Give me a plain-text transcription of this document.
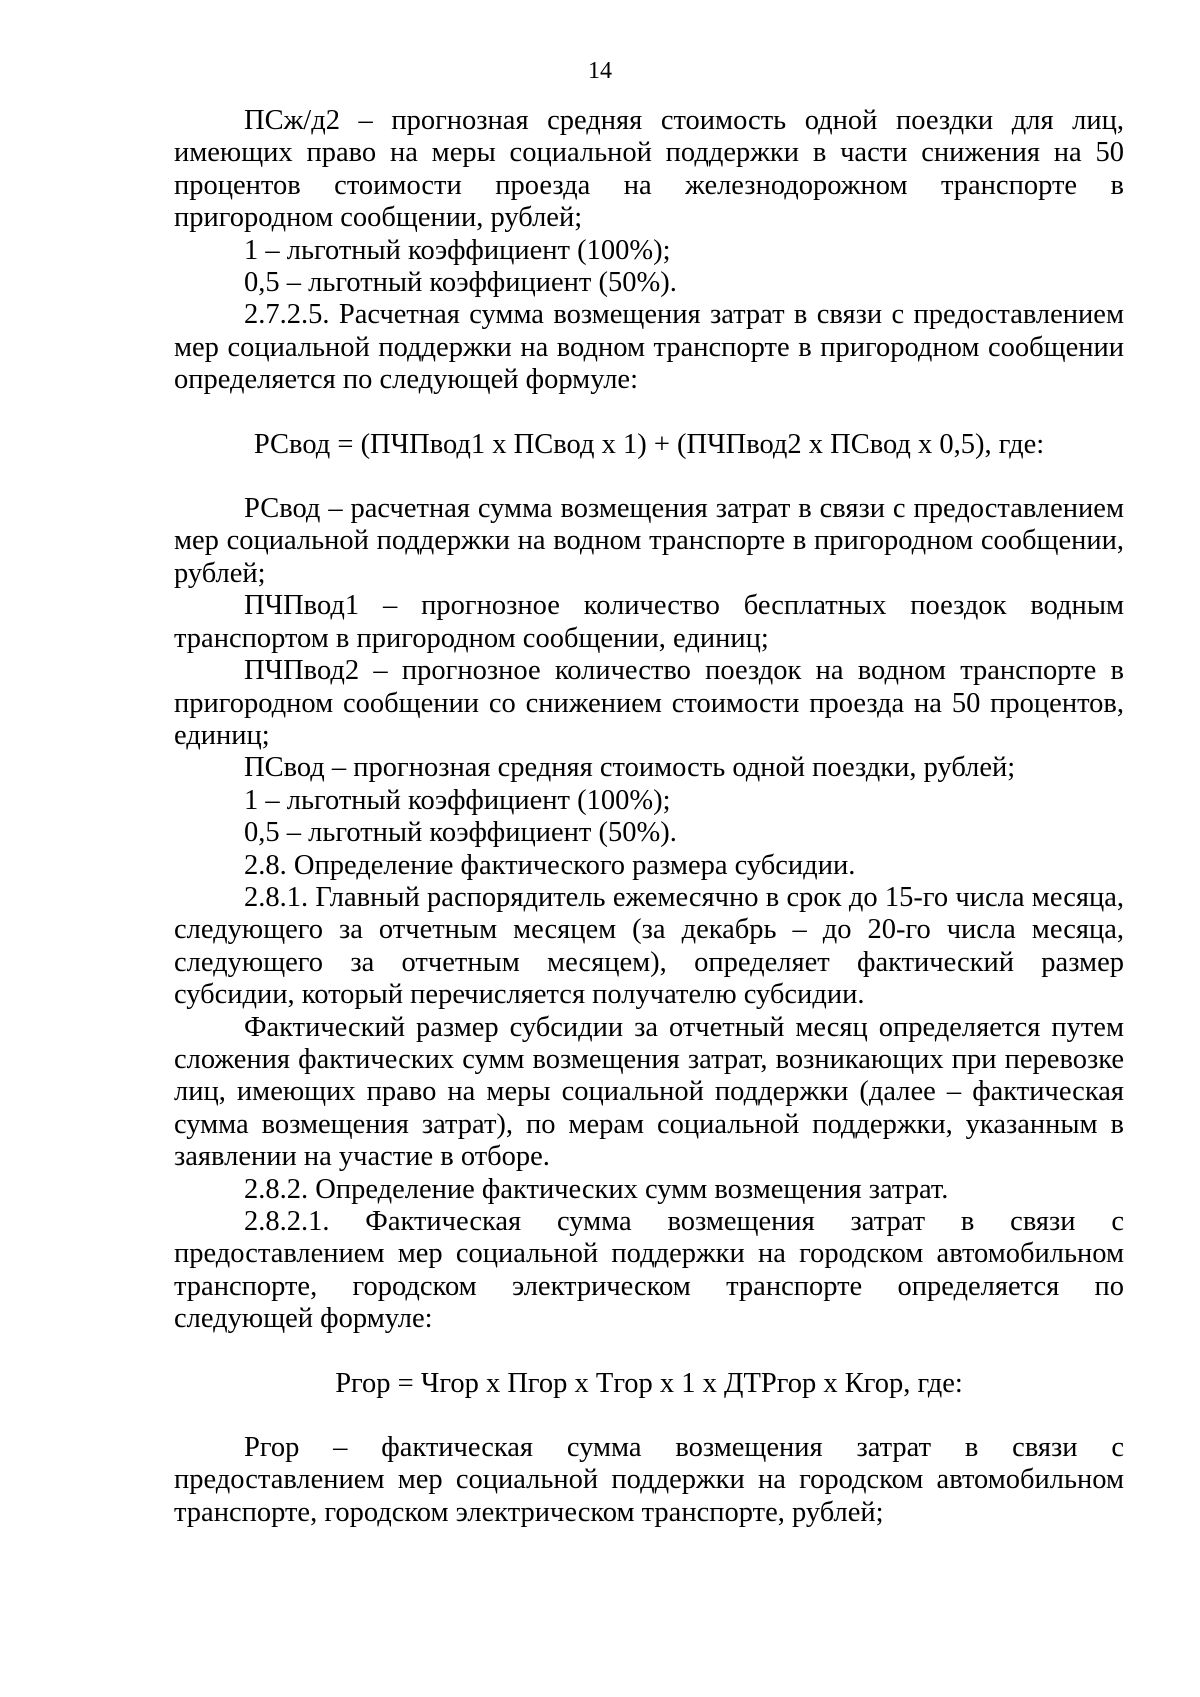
14

ПСж/д2 – прогнозная средняя стоимость одной поездки для лиц, имеющих право на меры социальной поддержки в части снижения на 50 процентов стоимости проезда на железнодорожном транспорте в пригородном сообщении, рублей;

1 – льготный коэффициент (100%);

0,5 – льготный коэффициент (50%).

2.7.2.5. Расчетная сумма возмещения затрат в связи с предоставлением мер социальной поддержки на водном транспорте в пригородном сообщении определяется по следующей формуле:

РСвод = (ПЧПвод1 х ПСвод х 1) + (ПЧПвод2 х ПСвод х 0,5), где:

РСвод – расчетная сумма возмещения затрат в связи с предоставлением мер социальной поддержки на водном транспорте в пригородном сообщении, рублей;

ПЧПвод1 – прогнозное количество бесплатных поездок водным транспортом в пригородном сообщении, единиц;

ПЧПвод2 – прогнозное количество поездок на водном транспорте в пригородном сообщении со снижением стоимости проезда на 50 процентов, единиц;

ПСвод – прогнозная средняя стоимость одной поездки, рублей;

1 – льготный коэффициент (100%);

0,5 – льготный коэффициент (50%).

2.8. Определение фактического размера субсидии.

2.8.1. Главный распорядитель ежемесячно в срок до 15-го числа месяца, следующего за отчетным месяцем (за декабрь – до 20-го числа месяца, следующего за отчетным месяцем), определяет фактический размер субсидии, который перечисляется получателю субсидии.

Фактический размер субсидии за отчетный месяц определяется путем сложения фактических сумм возмещения затрат, возникающих при перевозке лиц, имеющих право на меры социальной поддержки (далее – фактическая сумма возмещения затрат), по мерам социальной поддержки, указанным в заявлении на участие в отборе.

2.8.2. Определение фактических сумм возмещения затрат.

2.8.2.1. Фактическая сумма возмещения затрат в связи с предоставлением мер социальной поддержки на городском автомобильном транспорте, городском электрическом транспорте определяется по следующей формуле:

Ргор = Чгор х Пгор х Тгор х 1 х ДТРгор х Кгор, где:

Ргор – фактическая сумма возмещения затрат в связи с предоставлением мер социальной поддержки на городском автомобильном транспорте, городском электрическом транспорте, рублей;
